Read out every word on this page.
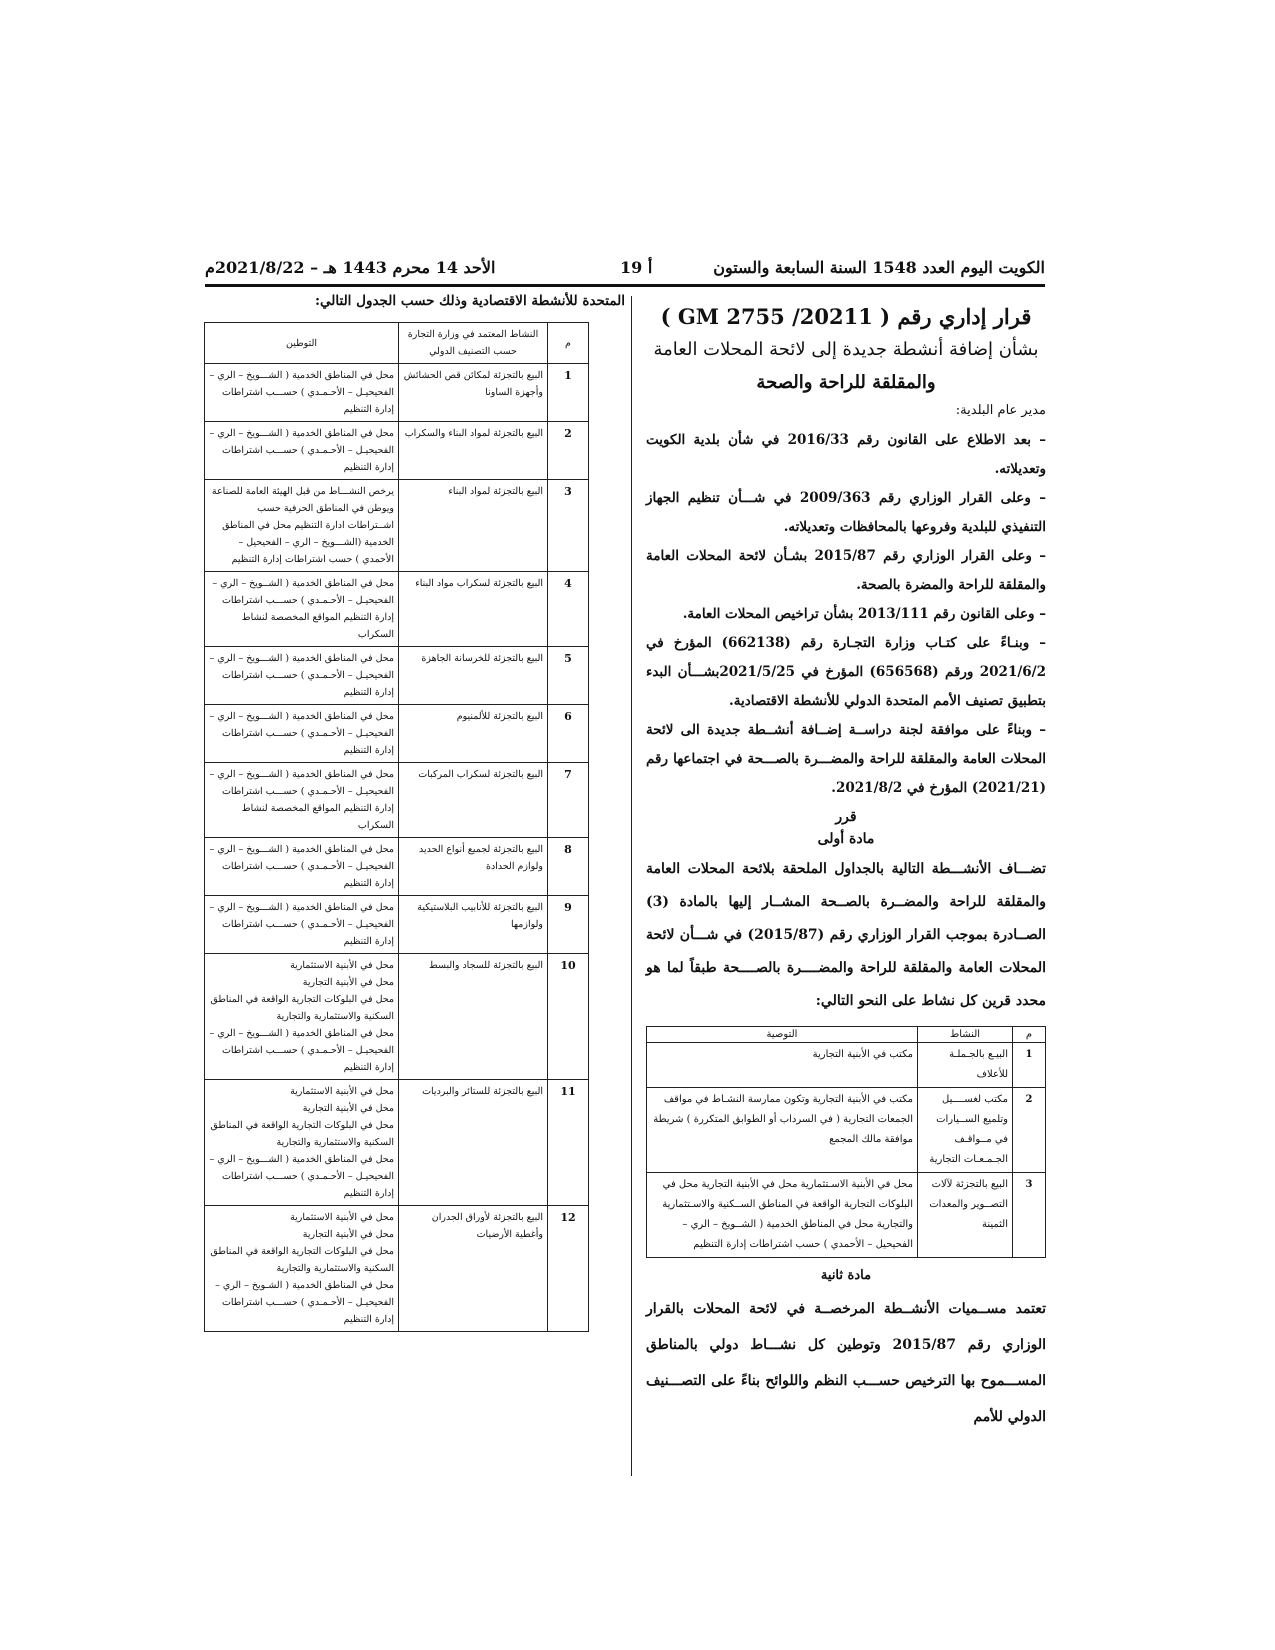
الأحد 14 محرم 1443 هـ – 2021/8/22م	أ 19	الكويت اليوم العدد 1548 السنة السابعة والستون
قرار إداري رقم ( 20211/ GM 2755 )
بشأن إضافة أنشطة جديدة إلى لائحة المحلات العامة
والمقلقة للراحة والصحة
مدير عام البلدية:
– بعد الاطلاع على القانون رقم 2016/33 في شأن بلدية الكويت وتعديلاته.
– وعلى القرار الوزاري رقم 2009/363 في شـــأن تنظيم الجهاز التنفيذي للبلدية وفروعها بالمحافظات وتعديلاته.
– وعلى القرار الوزاري رقم 2015/87 بشـأن لائحة المحلات العامة والمقلقة للراحة والمضرة بالصحة.
– وعلى القانون رقم 2013/111 بشأن تراخيص المحلات العامة.
– وبنـاءً على كتـاب وزارة التجـارة رقم (662138) المؤرخ في 2021/6/2 ورقم (656568) المؤرخ في 2021/5/25بشـــأن البدء بتطبيق تصنيف الأمم المتحدة الدولي للأنشطة الاقتصادية.
– وبناءً على موافقة لجنة دراســة إضــافة أنشــطة جديدة الى لائحة المحلات العامة والمقلقة للراحة والمضـــرة بالصـــحة في اجتماعها رقم (2021/21) المؤرخ في 2021/8/2.
قرر
مادة أولى
تضـــاف الأنشـــطة التالية بالجداول الملحقة بلائحة المحلات العامة والمقلقة للراحة والمضــرة بالصــحة المشــار إليها بالمادة (3) الصــادرة بموجب القرار الوزاري رقم (2015/87) في شـــأن لائحة المحلات العامة والمقلقة للراحة والمضــــرة بالصــــحة طبقاً لما هو محدد قرين كل نشاط على النحو التالي:
م	النشاط	التوصية
1	البيـع بالجـملـة للأعلاف	مكتب في الأبنية التجارية
2	مكتب لغســــيل وتلميع الســيارات في مــواقـف الجـمـعـات التجارية	مكتب في الأبنية التجارية وتكون ممارسة النشـاط في مواقف الجمعات التجارية ( في السرداب أو الطوابق المتكررة ) شريطة موافقة مالك المجمع
3	البيع بالتجزئة لآلات التصــوير والمعدات الثمينة	محل في الأبنية الاسـتثمارية محل في الأبنية التجارية محل في البلوكات التجارية الواقعة في المناطق الســكنية والاسـتثمارية والتجارية محل في المناطق الخدمية ( الشــويخ – الري – الفحيحيل – الأحمدي ) حسب اشتراطات إدارة التنظيم
مادة ثانية
تعتمد مســميات الأنشــطة المرخصــة في لائحة المحلات بالقرار الوزاري رقم 2015/87 وتوطين كل نشـــاط دولي بالمناطق المســـموح بها الترخيص حســـب النظم واللوائح بناءً على التصـــنيف الدولي للأمم
المتحدة للأنشطة الاقتصادية وذلك حسب الجدول التالي:
م	النشاط المعتمد في وزارة التجارة حسب التصنيف الدولي	التوطين
1	البيع بالتجزئة لمكائن قص الحشائش وأجهزة الساونا	محل في المناطق الخدمية ( الشـــويخ – الري – الفحيحيـل – الأحـمـدي ) حســـب اشتراطات إدارة التنظيم

2	البيع بالتجزئة لمواد البناء والسكراب	محل في المناطق الخدمية ( الشـــويخ – الري – الفحيحيـل – الأحـمـدي ) حســـب اشتراطات إدارة التنظيم

3	البيع بالتجزئة لمواد البناء	يرخص النشـــاط من قبل الهيئة العامة للصناعة ويوطن في المناطق الحرفية حسب اشــتراطات ادارة التنظيم محل في المناطق الخدمية (الشـــويخ – الري – الفحيحيل – الأحمدي ) حسب اشتراطات إدارة التنظيم

4	البيع بالتجزئة لسكراب مواد البناء	محل في المناطق الخدمية ( الشــويخ – الري – الفحيحيـل – الأحـمـدي ) حســـب اشتراطات إدارة التنظيم المواقع المخصصة لنشاط السكراب

5	البيع بالتجزئة للخرسانة الجاهزة	محل في المناطق الخدمية ( الشـــويخ – الري – الفحيحيـل – الأحـمـدي ) حســـب اشتراطات إدارة التنظيم

6	البيع بالتجزئة للألمنيوم	محل في المناطق الخدمية ( الشـــويخ – الري – الفحيحيـل – الأحـمـدي ) حســـب اشتراطات إدارة التنظيم

7	البيع بالتجزئة لسكراب المركبات	محل في المناطق الخدمية ( الشـــويخ – الري – الفحيحيـل – الأحـمـدي ) حســـب اشتراطات إدارة التنظيم المواقع المخصصة لنشاط السكراب

8	البيع بالتجزئة لجميع أنواع الحديد ولوازم الحدادة	محل في المناطق الخدمية ( الشـــويخ – الري – الفحيحيـل – الأحـمـدي ) حســـب اشتراطات إدارة التنظيم

9	البيع بالتجزئة للأنابيب البلاستيكية ولوازمها	محل في المناطق الخدمية ( الشـــويخ – الري – الفحيحيـل – الأحـمـدي ) حســـب اشتراطات إدارة التنظيم

10	البيع بالتجزئة للسجاد والبسط	محل في الأبنية الاستثمارية
محل في الأبنية التجارية
محل في البلوكات التجارية الواقعة في المناطق السكنية والاستثمارية والتجارية
محل في المناطق الخدمية ( الشـــويخ – الري – الفحيحيـل – الأحـمـدي ) حســـب اشتراطات إدارة التنظيم

11	البيع بالتجزئة للستائر والبرديات	محل في الأبنية الاستثمارية
محل في الأبنية التجارية
محل في البلوكات التجارية الواقعة في المناطق السكنية والاستثمارية والتجارية
محل في المناطق الخدمية ( الشـــويخ – الري – الفحيحيـل – الأحـمـدي ) حســـب اشتراطات إدارة التنظيم

12	البيع بالتجزئة لأوراق الجدران وأغطية الأرضيات	محل في الأبنية الاستثمارية
محل في الأبنية التجارية
محل في البلوكات التجارية الواقعة في المناطق السكنية والاستثمارية والتجارية
محل في المناطق الخدمية ( الشـويخ – الري – الفحيحيـل – الأحـمـدي ) حســـب اشتراطات إدارة التنظيم
